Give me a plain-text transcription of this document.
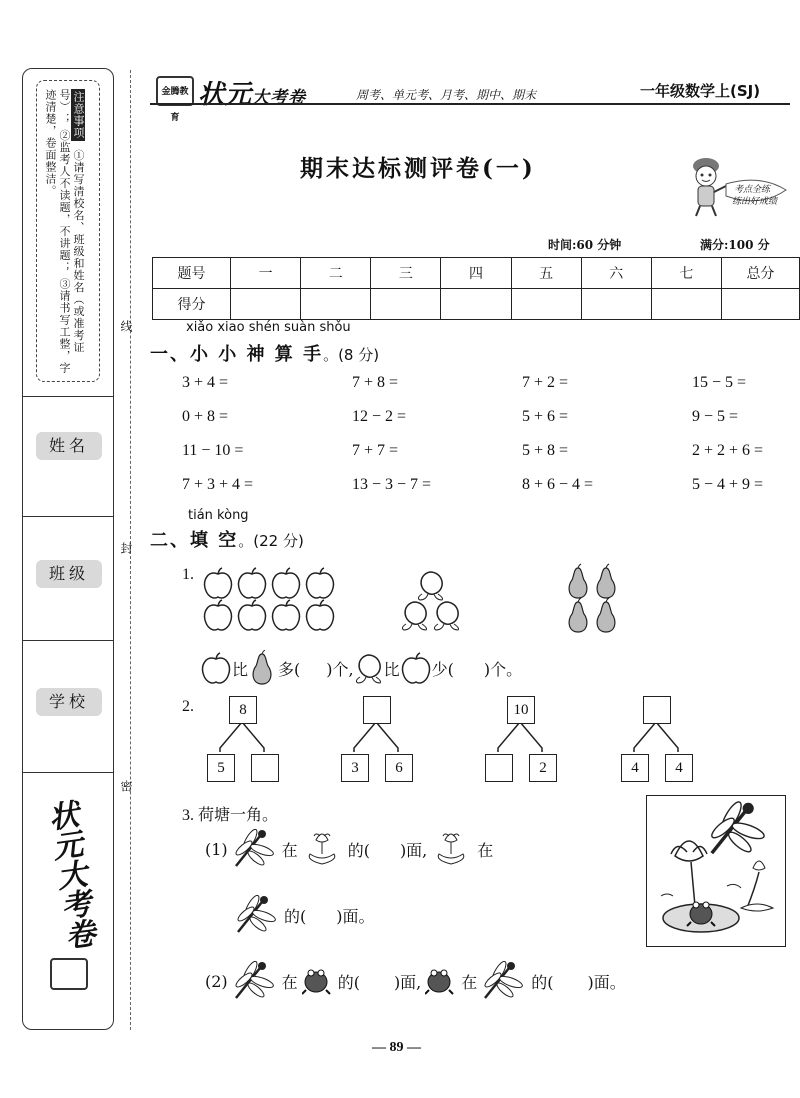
注意事项 ①请写清校名、班级和姓名（或准考证号）； ②监考人不读题，不讲题； ③请书写工整，字迹清楚，卷面整洁。
姓名
班级
学校
状元大考卷
线
封
密
金腾教育
状元大考卷	周考、单元考、月考、期中、期末	一年级数学上(SJ)
期末达标测评卷(一)
考点全练
练出好成绩
时间:60 分钟	满分:100 分
题号	一	二	三	四	五	六	七	总分
得分								
xiǎo xiao shén suàn shǒu
一、小 小 神 算 手。(8 分)
3 + 4 =	7 + 8 =	7 + 2 =	15 − 5 =
0 + 8 =	12 − 2 =	5 + 6 =	9 − 5 =
11 − 10 =	7 + 7 =	5 + 8 =	2 + 2 + 6 =
7 + 3 + 4 =	13 − 3 − 7 =	8 + 6 − 4 =	5 − 4 + 9 =
tián kòng
二、填 空。(22 分)
1.
比 多( )个, 比 少( )个。
2.	8
5	3	6
10
2	4	4
3. 荷塘一角。
(1)	在	的( )面,	在
的( )面。
(2)	在	的( )面,	在	的( )面。
— 89 —
